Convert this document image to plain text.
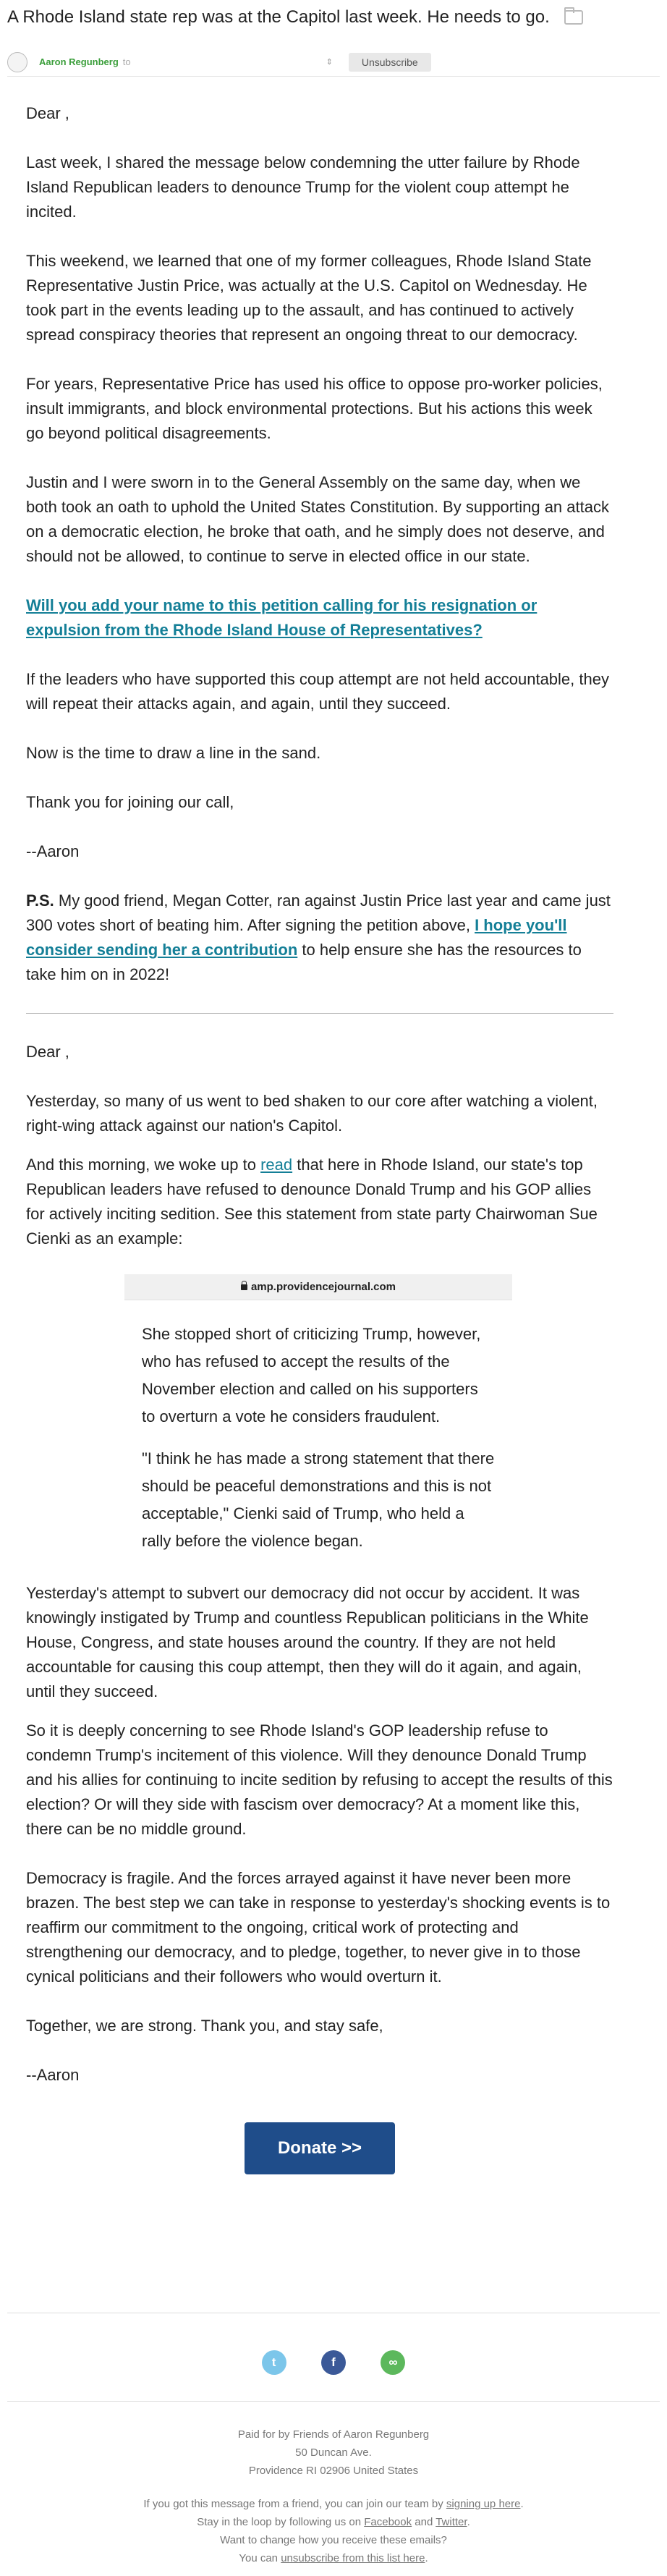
A Rhode Island state rep was at the Capitol last week. He needs to go.
Aaron Regunberg to	⇕	Unsubscribe

Dear ,

Last week, I shared the message below condemning the utter failure by Rhode Island Republican leaders to denounce Trump for the violent coup attempt he incited.

This weekend, we learned that one of my former colleagues, Rhode Island State Representative Justin Price, was actually at the U.S. Capitol on Wednesday. He took part in the events leading up to the assault, and has continued to actively spread conspiracy theories that represent an ongoing threat to our democracy.

For years, Representative Price has used his office to oppose pro-worker policies, insult immigrants, and block environmental protections. But his actions this week go beyond political disagreements.

Justin and I were sworn in to the General Assembly on the same day, when we both took an oath to uphold the United States Constitution. By supporting an attack on a democratic election, he broke that oath, and he simply does not deserve, and should not be allowed, to continue to serve in elected office in our state.

Will you add your name to this petition calling for his resignation or expulsion from the Rhode Island House of Representatives?

If the leaders who have supported this coup attempt are not held accountable, they will repeat their attacks again, and again, until they succeed.

Now is the time to draw a line in the sand.

Thank you for joining our call,

--Aaron

P.S. My good friend, Megan Cotter, ran against Justin Price last year and came just 300 votes short of beating him. After signing the petition above, I hope you'll consider sending her a contribution to help ensure she has the resources to take him on in 2022!

Dear ,

Yesterday, so many of us went to bed shaken to our core after watching a violent, right-wing attack against our nation's Capitol.

And this morning, we woke up to read that here in Rhode Island, our state's top Republican leaders have refused to denounce Donald Trump and his GOP allies for actively inciting sedition. See this statement from state party Chairwoman Sue Cienki as an example:

amp.providencejournal.com

She stopped short of criticizing Trump, however, who has refused to accept the results of the November election and called on his supporters to overturn a vote he considers fraudulent.

"I think he has made a strong statement that there should be peaceful demonstrations and this is not acceptable," Cienki said of Trump, who held a rally before the violence began.

Yesterday's attempt to subvert our democracy did not occur by accident. It was knowingly instigated by Trump and countless Republican politicians in the White House, Congress, and state houses around the country. If they are not held accountable for causing this coup attempt, then they will do it again, and again, until they succeed.

So it is deeply concerning to see Rhode Island's GOP leadership refuse to condemn Trump's incitement of this violence. Will they denounce Donald Trump and his allies for continuing to incite sedition by refusing to accept the results of this election? Or will they side with fascism over democracy? At a moment like this, there can be no middle ground.

Democracy is fragile. And the forces arrayed against it have never been more brazen. The best step we can take in response to yesterday's shocking events is to reaffirm our commitment to the ongoing, critical work of protecting and strengthening our democracy, and to pledge, together, to never give in to those cynical politicians and their followers who would overturn it.

Together, we are strong. Thank you, and stay safe,

--Aaron

Donate >>
t	f	∞
Paid for by Friends of Aaron Regunberg
50 Duncan Ave.
Providence RI 02906 United States
If you got this message from a friend, you can join our team by signing up here.
Stay in the loop by following us on Facebook and Twitter.
Want to change how you receive these emails?
You can unsubscribe from this list here.
